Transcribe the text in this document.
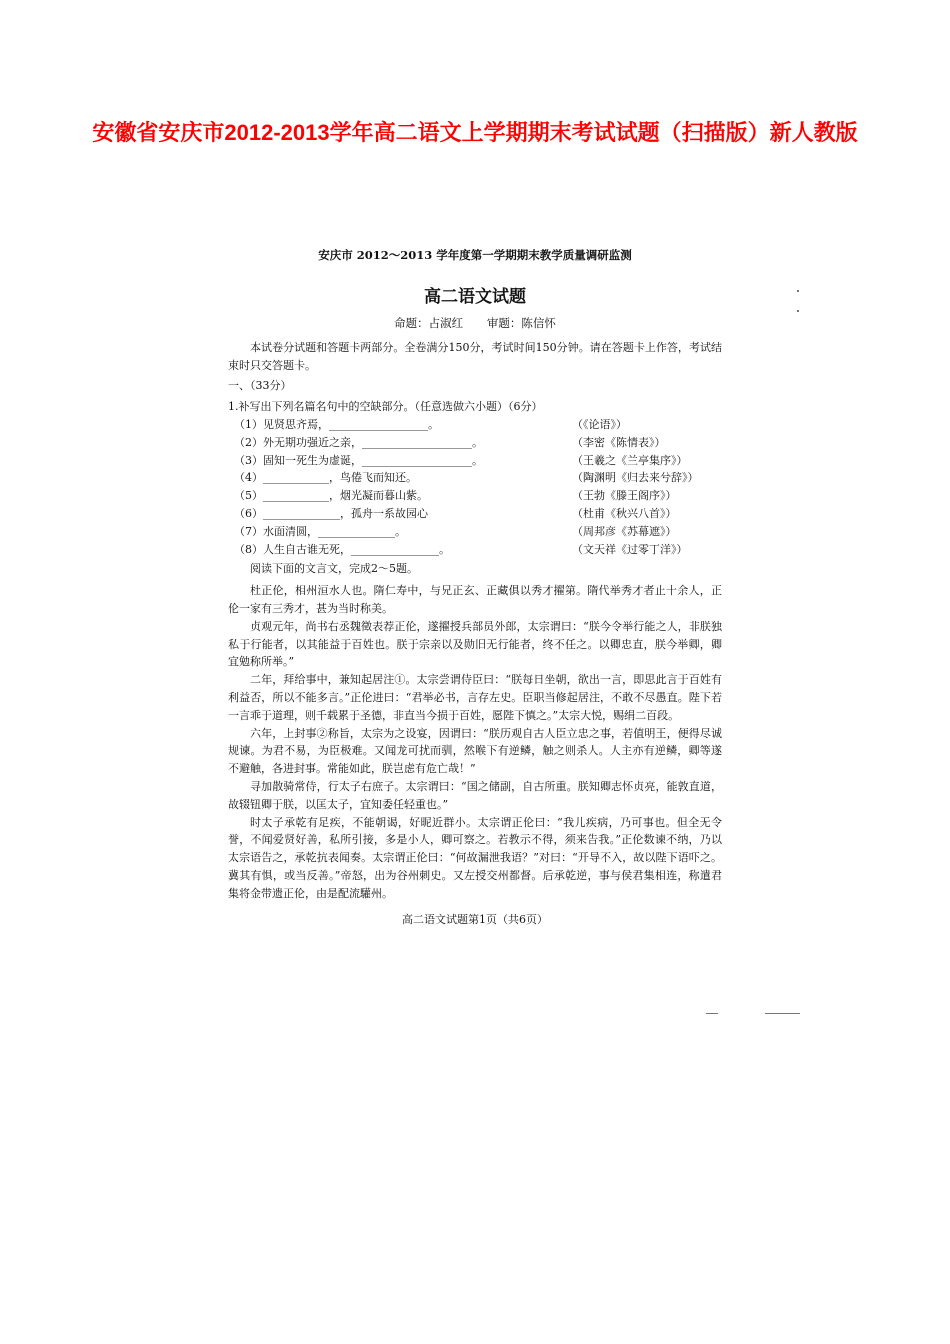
安徽省安庆市2012-2013学年高二语文上学期期末考试试题（扫描版）新人教版
安庆市 2012～2013 学年度第一学期期末教学质量调研监测
高二语文试题
命题：占淑红 审题：陈信怀

本试卷分试题和答题卡两部分。全卷满分150分，考试时间150分钟。请在答题卡上作答，考试结束时只交答题卡。

一、（33分）

1.补写出下列名篇名句中的空缺部分。（任意选做六小题）（6分）

（1）见贤思齐焉，__________________。	（《论语》）
（2）外无期功强近之亲，____________________。	（李密《陈情表》）
（3）固知一死生为虚诞，____________________。	（王羲之《兰亭集序》）
（4）____________，鸟倦飞而知还。	（陶渊明《归去来兮辞》）
（5）____________，烟光凝而暮山紫。	（王勃《滕王阁序》）
（6）______________，孤舟一系故园心	（杜甫《秋兴八首》）
（7）水面清圆，______________。	（周邦彦《苏幕遮》）
（8）人生自古谁无死，________________。	（文天祥《过零丁洋》）

阅读下面的文言文，完成2～5题。

杜正伦，相州洹水人也。隋仁寿中，与兄正玄、正藏俱以秀才擢第。隋代举秀才者止十余人，正伦一家有三秀才，甚为当时称美。

贞观元年，尚书右丞魏徵表荐正伦，遂擢授兵部员外郎，太宗谓曰：“朕今令举行能之人，非朕独私于行能者，以其能益于百姓也。朕于宗亲以及勋旧无行能者，终不任之。以卿忠直，朕今举卿，卿宜勉称所举。”

二年，拜给事中，兼知起居注①。太宗尝谓侍臣曰：“朕每日坐朝，欲出一言，即思此言于百姓有利益否，所以不能多言。”正伦进曰：“君举必书，言存左史。臣职当修起居注，不敢不尽愚直。陛下若一言乖于道理，则千载累于圣德，非直当今损于百姓，愿陛下慎之。”太宗大悦，赐绢二百段。

六年，上封事②称旨，太宗为之设宴，因谓曰：“朕历观自古人臣立忠之事，若值明王，便得尽诚规谏。为君不易，为臣极难。又闻龙可扰而驯，然喉下有逆鳞，触之则杀人。人主亦有逆鳞，卿等遂不避触，各进封事。常能如此，朕岂虑有危亡哉！”

寻加散骑常侍，行太子右庶子。太宗谓曰：“国之储副，自古所重。朕知卿志怀贞亮，能敦直道，故辍钮卿于朕，以匡太子，宜知委任轻重也。”

时太子承乾有足疾，不能朝谒，好昵近群小。太宗谓正伦曰：“我儿疾病，乃可事也。但全无令誉，不闻爱贤好善，私所引接，多是小人，卿可察之。若教示不得，须来告我。”正伦数谏不纳，乃以太宗语告之，承乾抗表闻奏。太宗谓正伦曰：“何故漏泄我语？”对曰：“开导不入，故以陛下语吓之。冀其有惧，或当反善。”帝怒，出为谷州刺史。又左授交州都督。后承乾逆，事与侯君集相连，称遣君集将金带遗正伦，由是配流驩州。

高二语文试题第1页（共6页）
